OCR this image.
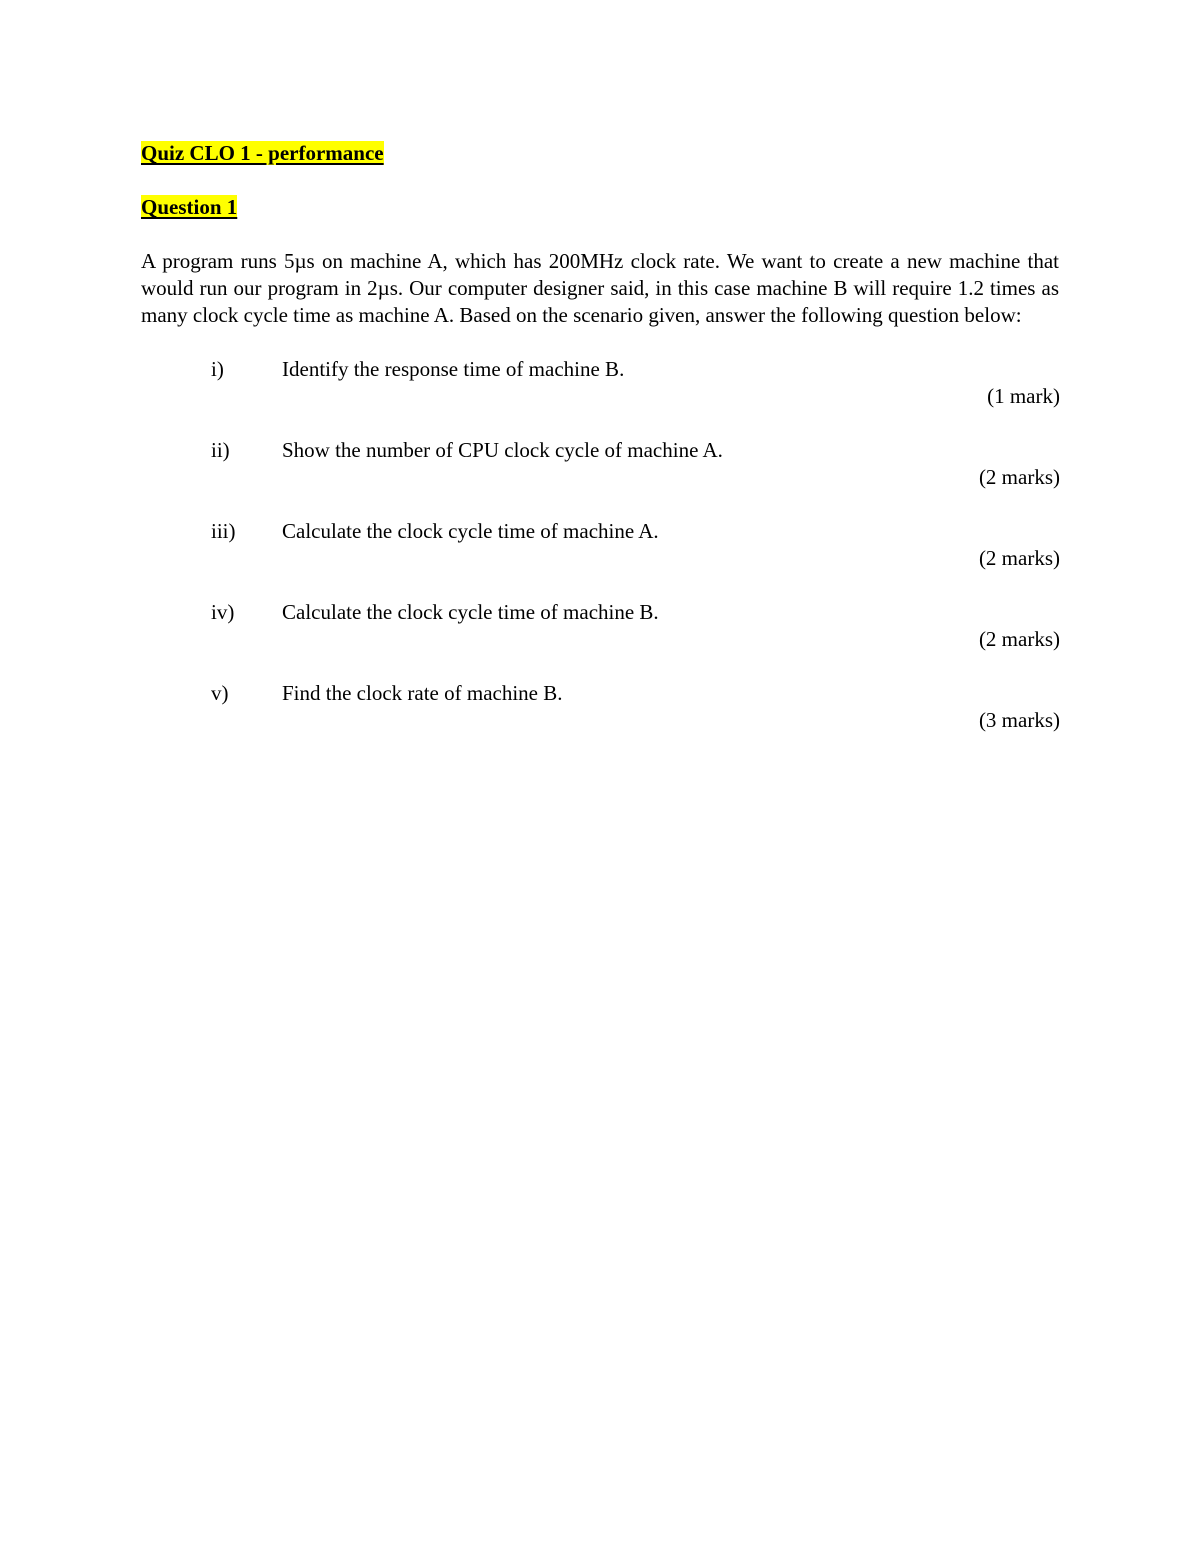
Quiz CLO 1 - performance

Question 1

A program runs 5µs on machine A, which has 200MHz clock rate. We want to create a new machine that would run our program in 2µs. Our computer designer said, in this case machine B will require 1.2 times as many clock cycle time as machine A. Based on the scenario given, answer the following question below:

i)	Identify the response time of machine B.
(1 mark)
ii) Show the number of CPU clock cycle of machine A.
(2 marks)
iii) Calculate the clock cycle time of machine A.
(2 marks)
iv) Calculate the clock cycle time of machine B.
(2 marks)
v)	Find the clock rate of machine B.
(3 marks)
